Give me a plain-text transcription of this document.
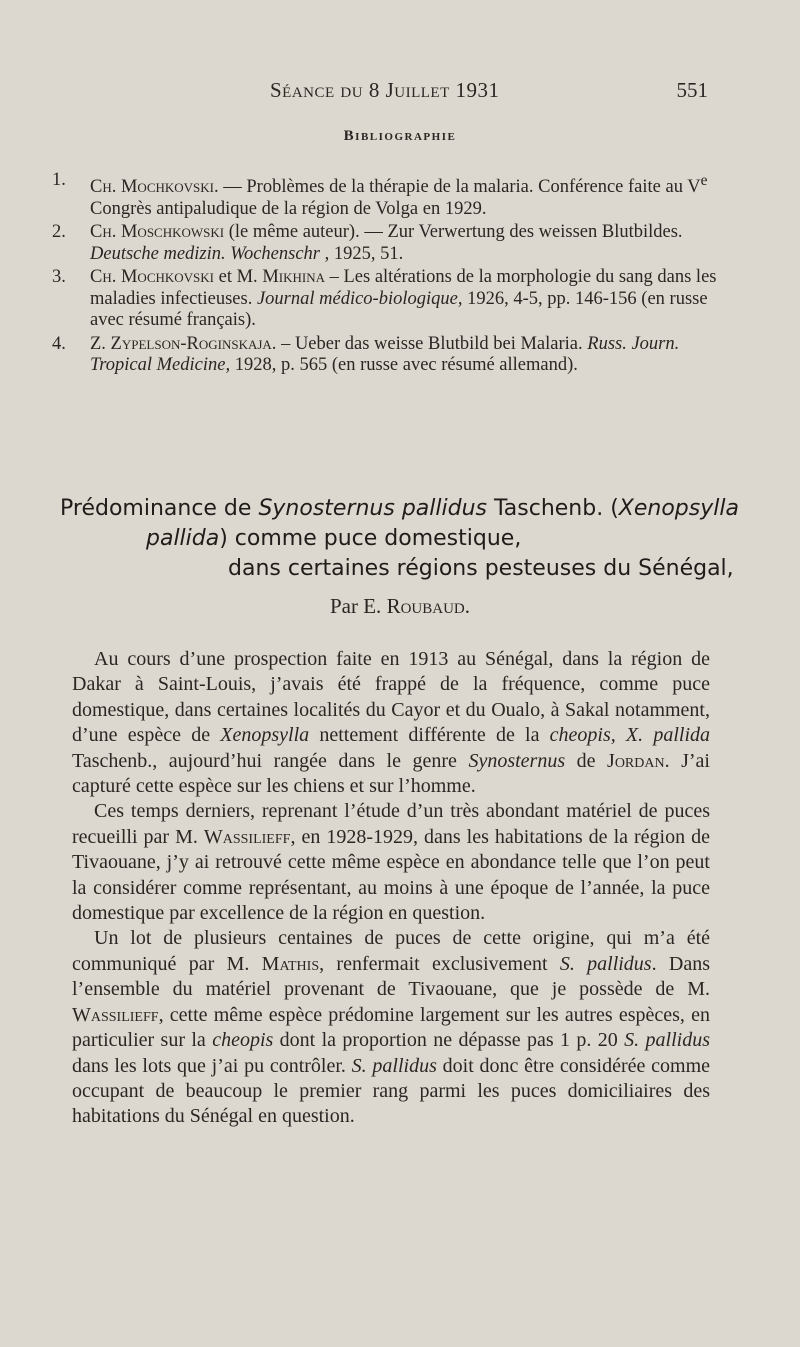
Séance du 8 Juillet 1931	551
Bibliographie
1. Ch. Mochkovski. — Problèmes de la thérapie de la malaria. Conférence faite au Ve Congrès antipaludique de la région de Volga en 1929.
2. Ch. Moschkowski (le même auteur). — Zur Verwertung des weissen Blutbildes. Deutsche medizin. Wochenschr , 1925, 51.
3. Ch. Mochkovski et M. Mikhina – Les altérations de la morphologie du sang dans les maladies infectieuses. Journal médico-biologique, 1926, 4-5, pp. 146-156 (en russe avec résumé français).
4. Z. Zypelson-Roginskaja. – Ueber das weisse Blutbild bei Malaria. Russ. Journ. Tropical Medicine, 1928, p. 565 (en russe avec résumé allemand).
Prédominance de Synosternus pallidus Taschenb. (Xenopsylla
pallida) comme puce domestique,
dans certaines régions pesteuses du Sénégal,
Par E. Roubaud.

Au cours d’une prospection faite en 1913 au Sénégal, dans la région de Dakar à Saint-Louis, j’avais été frappé de la fréquence, comme puce domestique, dans certaines localités du Cayor et du Oualo, à Sakal notamment, d’une espèce de Xenopsylla nettement différente de la cheopis, X. pallida Taschenb., aujourd’hui rangée dans le genre Synosternus de Jordan. J’ai capturé cette espèce sur les chiens et sur l’homme.

Ces temps derniers, reprenant l’étude d’un très abondant matériel de puces recueilli par M. Wassilieff, en 1928-1929, dans les habitations de la région de Tivaouane, j’y ai retrouvé cette même espèce en abondance telle que l’on peut la considérer comme représentant, au moins à une époque de l’année, la puce domestique par excellence de la région en question.

Un lot de plusieurs centaines de puces de cette origine, qui m’a été communiqué par M. Mathis, renfermait exclusivement S. pallidus. Dans l’ensemble du matériel provenant de Tivaouane, que je possède de M. Wassilieff, cette même espèce prédomine largement sur les autres espèces, en particulier sur la cheopis dont la proportion ne dépasse pas 1 p. 20 S. pallidus dans les lots que j’ai pu contrôler. S. pallidus doit donc être considérée comme occupant de beaucoup le premier rang parmi les puces domiciliaires des habitations du Sénégal en question.
